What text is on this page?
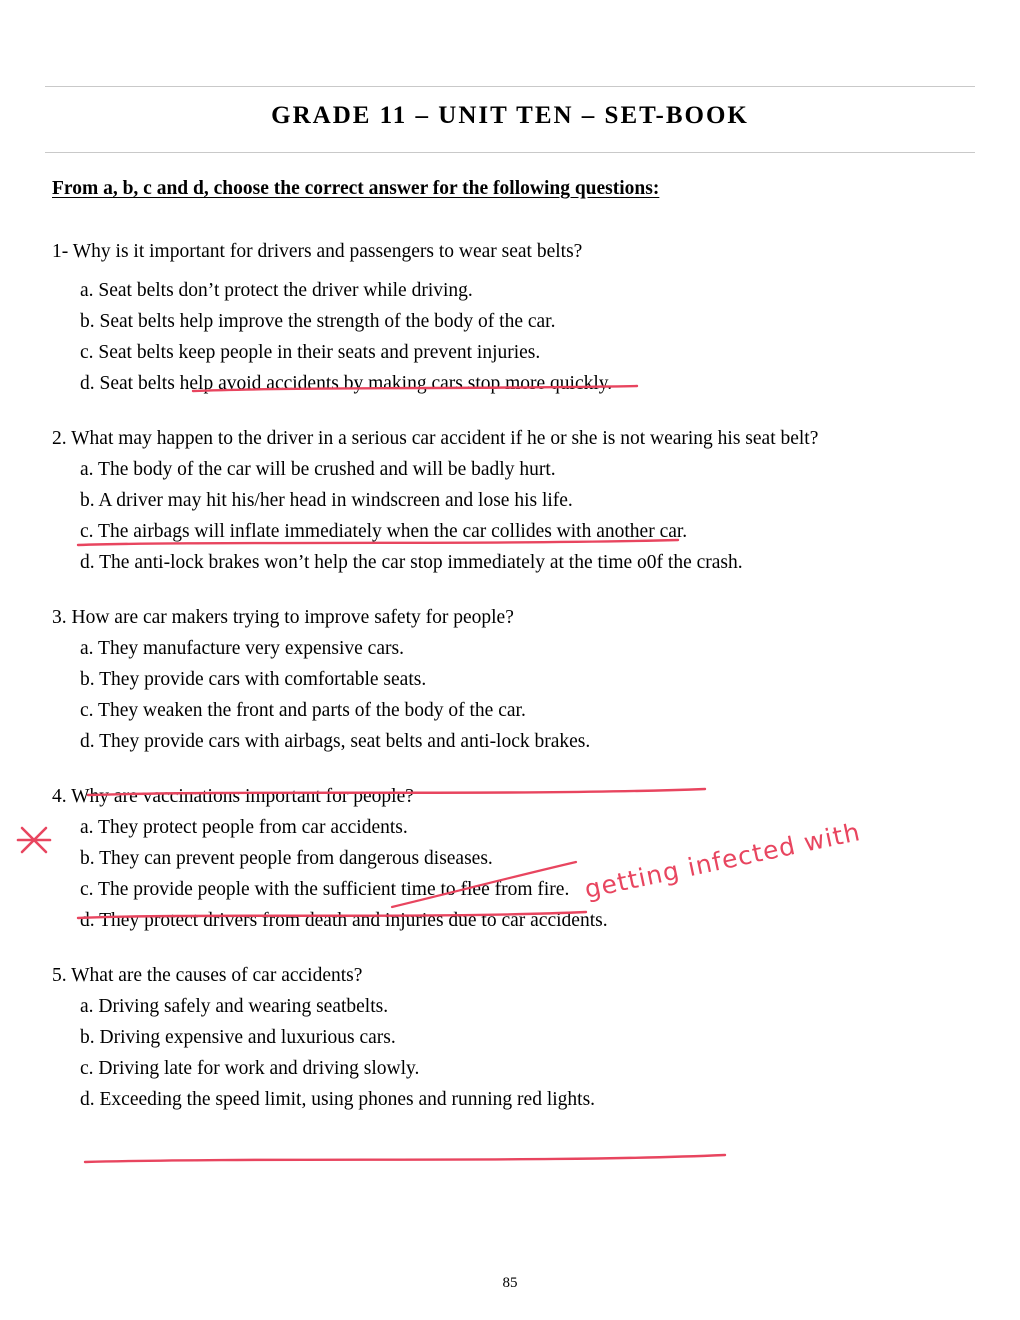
GRADE 11 – UNIT TEN – SET-BOOK
From a, b, c and d, choose the correct answer for the following questions:
1- Why is it important for drivers and passengers to wear seat belts?
a. Seat belts don’t protect the driver while driving.
b. Seat belts help improve the strength of the body of the car.
c. Seat belts keep people in their seats and prevent injuries.
d. Seat belts help avoid accidents by making cars stop more quickly.
2. What may happen to the driver in a serious car accident if he or she is not wearing his seat belt?
a. The body of the car will be crushed and will be badly hurt.
b. A driver may hit his/her head in windscreen and lose his life.
c. The airbags will inflate immediately when the car collides with another car.
d. The anti-lock brakes won’t help the car stop immediately at the time o0f the crash.
3. How are car makers trying to improve safety for people?
a. They manufacture very expensive cars.
b. They provide cars with comfortable seats.
c. They weaken the front and parts of the body of the car.
d. They provide cars with airbags, seat belts and anti-lock brakes.
4. Why are vaccinations important for people?
a. They protect people from car accidents.
b. They can prevent people from dangerous diseases.
c. The provide people with the sufficient time to flee from fire.
d. They protect drivers from death and injuries due to car accidents.
5. What are the causes of car accidents?
a. Driving safely and wearing seatbelts.
b. Driving expensive and luxurious cars.
c. Driving late for work and driving slowly.
d. Exceeding the speed limit, using phones and running red lights.
getting infected with
85
